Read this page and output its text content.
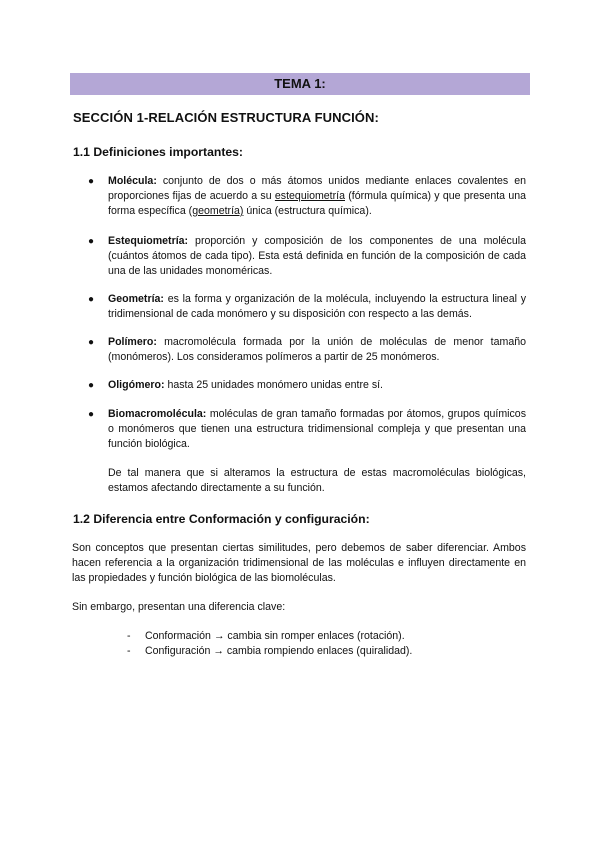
TEMA 1:
SECCIÓN 1-RELACIÓN ESTRUCTURA FUNCIÓN:
1.1 Definiciones importantes:
● Molécula: conjunto de dos o más átomos unidos mediante enlaces covalentes en proporciones fijas de acuerdo a su estequiometría (fórmula química) y que presenta una forma específica (geometría) única (estructura química).
● Estequiometría: proporción y composición de los componentes de una molécula (cuántos átomos de cada tipo). Esta está definida en función de la composición de cada una de las unidades monoméricas.
● Geometría: es la forma y organización de la molécula, incluyendo la estructura lineal y tridimensional de cada monómero y su disposición con respecto a las demás.
● Polímero: macromolécula formada por la unión de moléculas de menor tamaño (monómeros). Los consideramos polímeros a partir de 25 monómeros.
● Oligómero: hasta 25 unidades monómero unidas entre sí.
● Biomacromolécula: moléculas de gran tamaño formadas por átomos, grupos químicos o monómeros que tienen una estructura tridimensional compleja y que presentan una función biológica.
De tal manera que si alteramos la estructura de estas macromoléculas biológicas, estamos afectando directamente a su función.
1.2 Diferencia entre Conformación y configuración:
Son conceptos que presentan ciertas similitudes, pero debemos de saber diferenciar. Ambos hacen referencia a la organización tridimensional de las moléculas e influyen directamente en las propiedades y función biológica de las biomoléculas.
Sin embargo, presentan una diferencia clave:
- Conformación → cambia sin romper enlaces (rotación).
- Configuración → cambia rompiendo enlaces (quiralidad).
